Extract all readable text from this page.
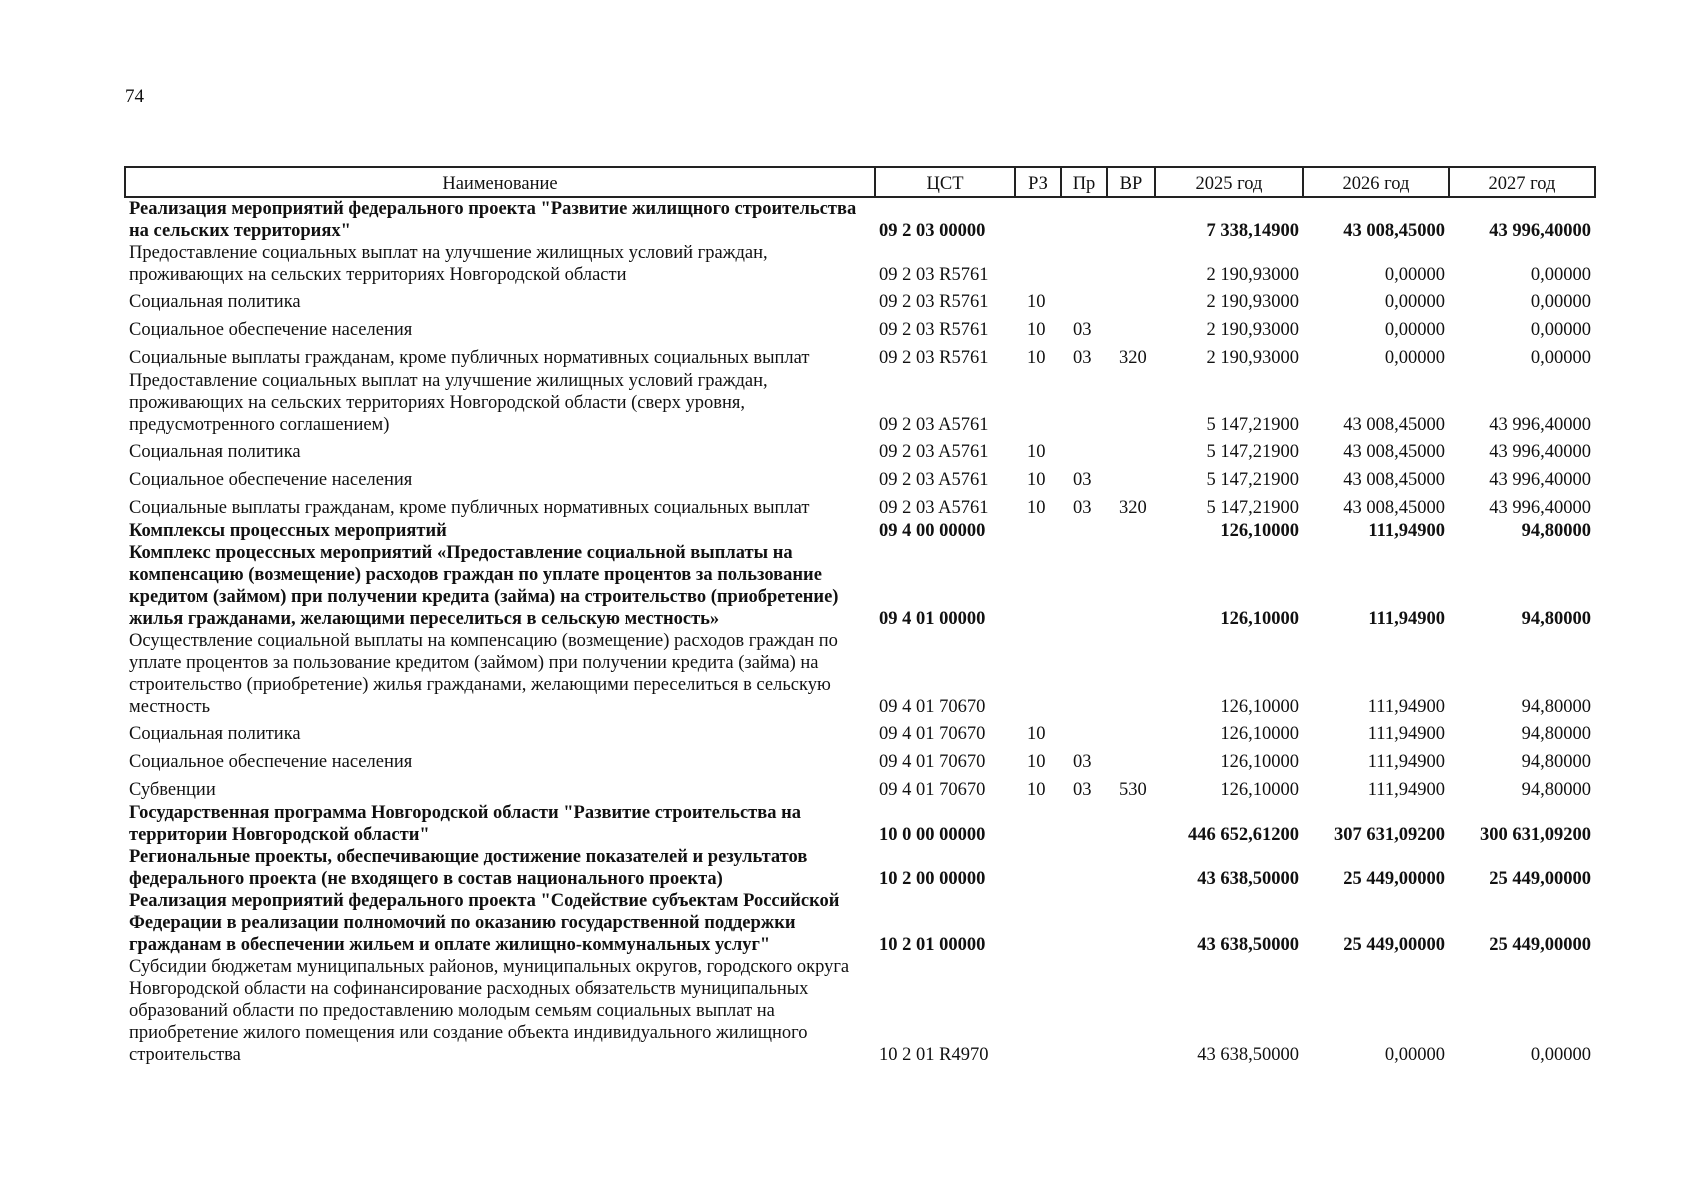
74
Наименование	ЦСТ	РЗ	Пр	ВР	2025 год	2026 год	2027 год
Реализация мероприятий федерального проекта "Развитие жилищного строительства на сельских территориях"	09 2 03 00000				7 338,14900	43 008,45000	43 996,40000
Предоставление социальных выплат на улучшение жилищных условий граждан, проживающих на сельских территориях Новгородской области	09 2 03 R5761				2 190,93000	0,00000	0,00000
Социальная политика	09 2 03 R5761	10			2 190,93000	0,00000	0,00000
Социальное обеспечение населения	09 2 03 R5761	10	03		2 190,93000	0,00000	0,00000
Социальные выплаты гражданам, кроме публичных нормативных социальных выплат	09 2 03 R5761	10	03	320	2 190,93000	0,00000	0,00000
Предоставление социальных выплат на улучшение жилищных условий граждан, проживающих на сельских территориях Новгородской области (сверх уровня, предусмотренного соглашением)	09 2 03 A5761				5 147,21900	43 008,45000	43 996,40000
Социальная политика	09 2 03 A5761	10			5 147,21900	43 008,45000	43 996,40000
Социальное обеспечение населения	09 2 03 A5761	10	03		5 147,21900	43 008,45000	43 996,40000
Социальные выплаты гражданам, кроме публичных нормативных социальных выплат	09 2 03 A5761	10	03	320	5 147,21900	43 008,45000	43 996,40000
Комплексы процессных мероприятий	09 4 00 00000				126,10000	111,94900	94,80000
Комплекс процессных мероприятий «Предоставление социальной выплаты на компенсацию (возмещение) расходов граждан по уплате процентов за пользование кредитом (займом) при получении кредита (займа) на строительство (приобретение) жилья гражданами, желающими переселиться в сельскую местность»	09 4 01 00000				126,10000	111,94900	94,80000
Осуществление социальной выплаты на компенсацию (возмещение) расходов граждан по уплате процентов за пользование кредитом (займом) при получении кредита (займа) на строительство (приобретение) жилья гражданами, желающими переселиться в сельскую местность	09 4 01 70670				126,10000	111,94900	94,80000
Социальная политика	09 4 01 70670	10			126,10000	111,94900	94,80000
Социальное обеспечение населения	09 4 01 70670	10	03		126,10000	111,94900	94,80000
Субвенции	09 4 01 70670	10	03	530	126,10000	111,94900	94,80000
Государственная программа Новгородской области "Развитие строительства на территории Новгородской области"	10 0 00 00000				446 652,61200	307 631,09200	300 631,09200
Региональные проекты, обеспечивающие достижение показателей и результатов федерального проекта (не входящего в состав национального проекта)	10 2 00 00000				43 638,50000	25 449,00000	25 449,00000
Реализация мероприятий федерального проекта "Содействие субъектам Российской Федерации в реализации полномочий по оказанию государственной поддержки гражданам в обеспечении жильем и оплате жилищно-коммунальных услуг"	10 2 01 00000				43 638,50000	25 449,00000	25 449,00000
Субсидии бюджетам муниципальных районов, муниципальных округов, городского округа Новгородской области на софинансирование расходных обязательств муниципальных образований области по предоставлению молодым семьям социальных выплат на приобретение жилого помещения или создание объекта индивидуального жилищного строительства	10 2 01 R4970				43 638,50000	0,00000	0,00000
